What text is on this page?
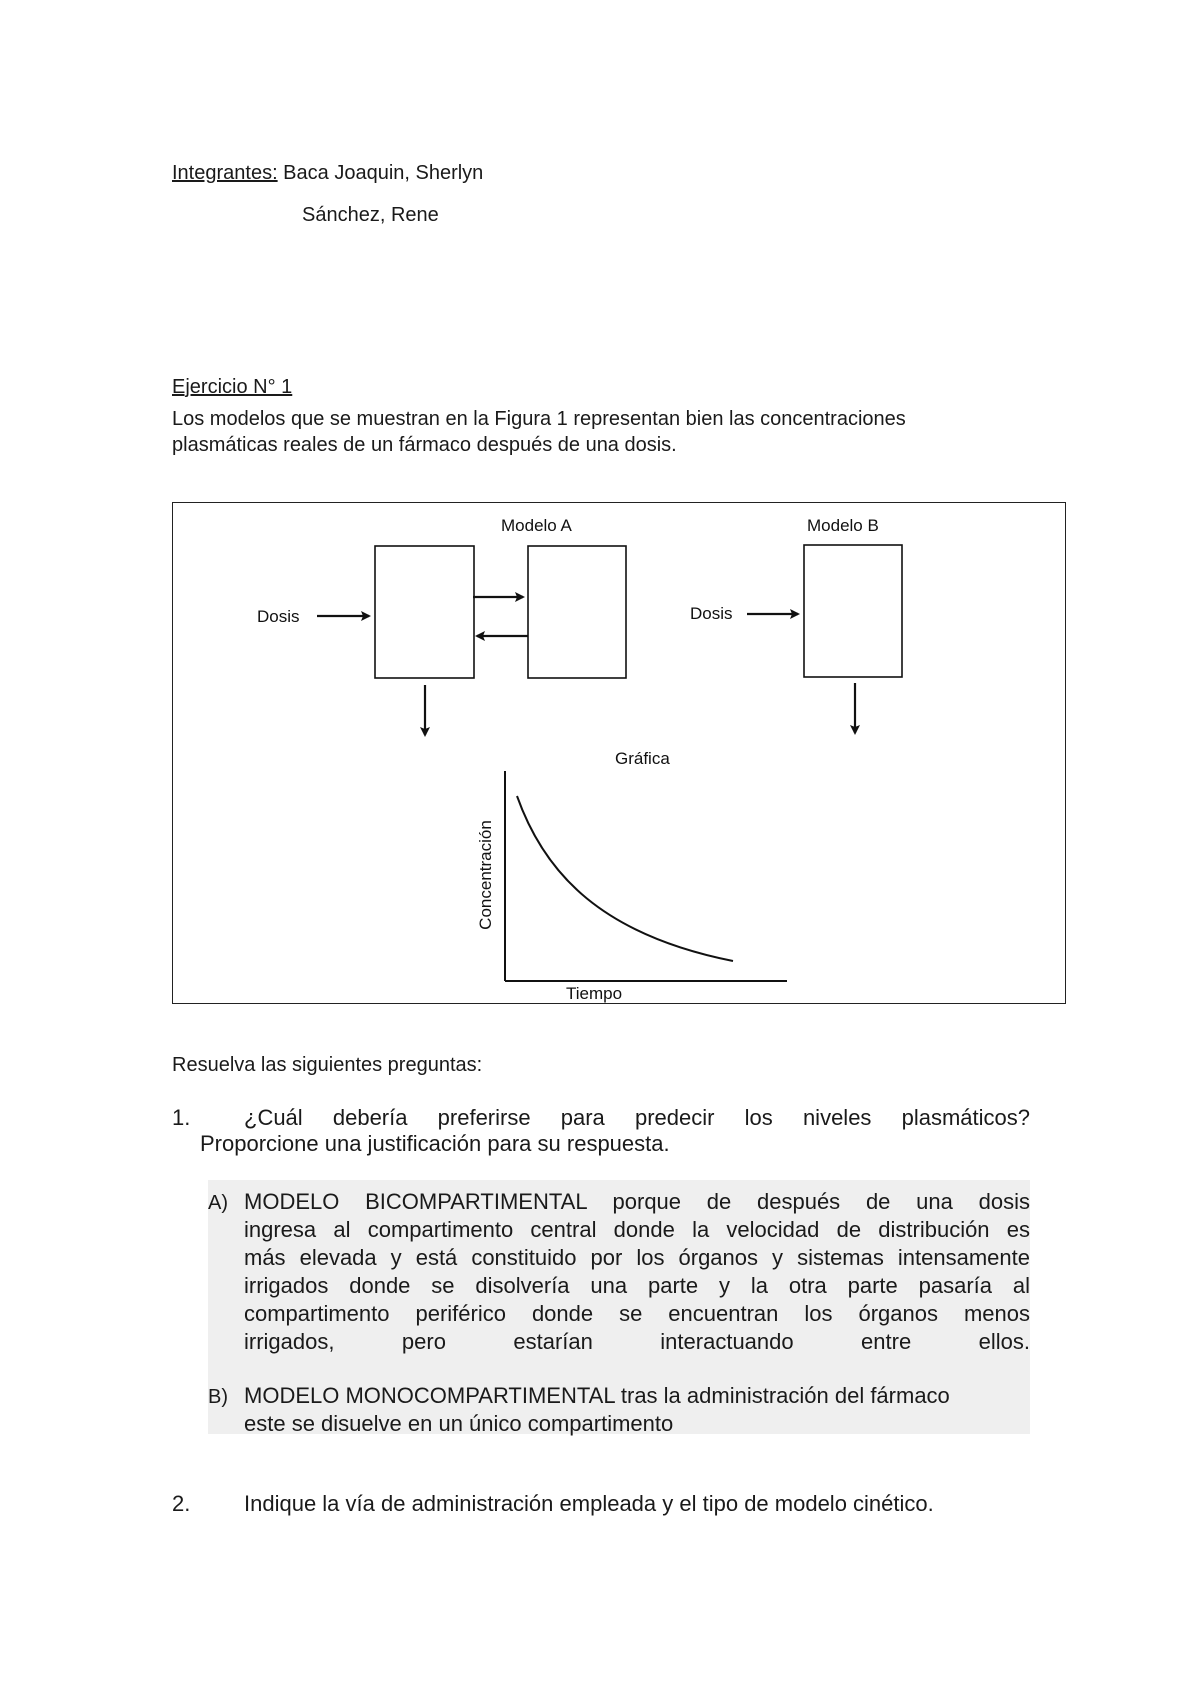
Integrantes: Baca Joaquin, Sherlyn
Sánchez, Rene
Ejercicio N° 1
Los modelos que se muestran en la Figura 1 representan bien las concentraciones
plasmáticas reales de un fármaco después de una dosis.
Modelo A
Dosis
Modelo B
Dosis
Gráfica
Concentración
Tiempo
Resuelva las siguientes preguntas:
1. ¿Cuál debería preferirse para predecir los niveles plasmáticos?
Proporcione una justificación para su respuesta.
A) MODELO BICOMPARTIMENTAL porque de después de una dosis
ingresa al compartimento central donde la velocidad de distribución es
más elevada y está constituido por los órganos y sistemas intensamente
irrigados donde se disolvería una parte y la otra parte pasaría al
compartimento periférico donde se encuentran los órganos menos
irrigados, pero estarían interactuando entre ellos.
B) MODELO MONOCOMPARTIMENTAL tras la administración del fármaco
este se disuelve en un único compartimento
2. Indique la vía de administración empleada y el tipo de modelo cinético.
